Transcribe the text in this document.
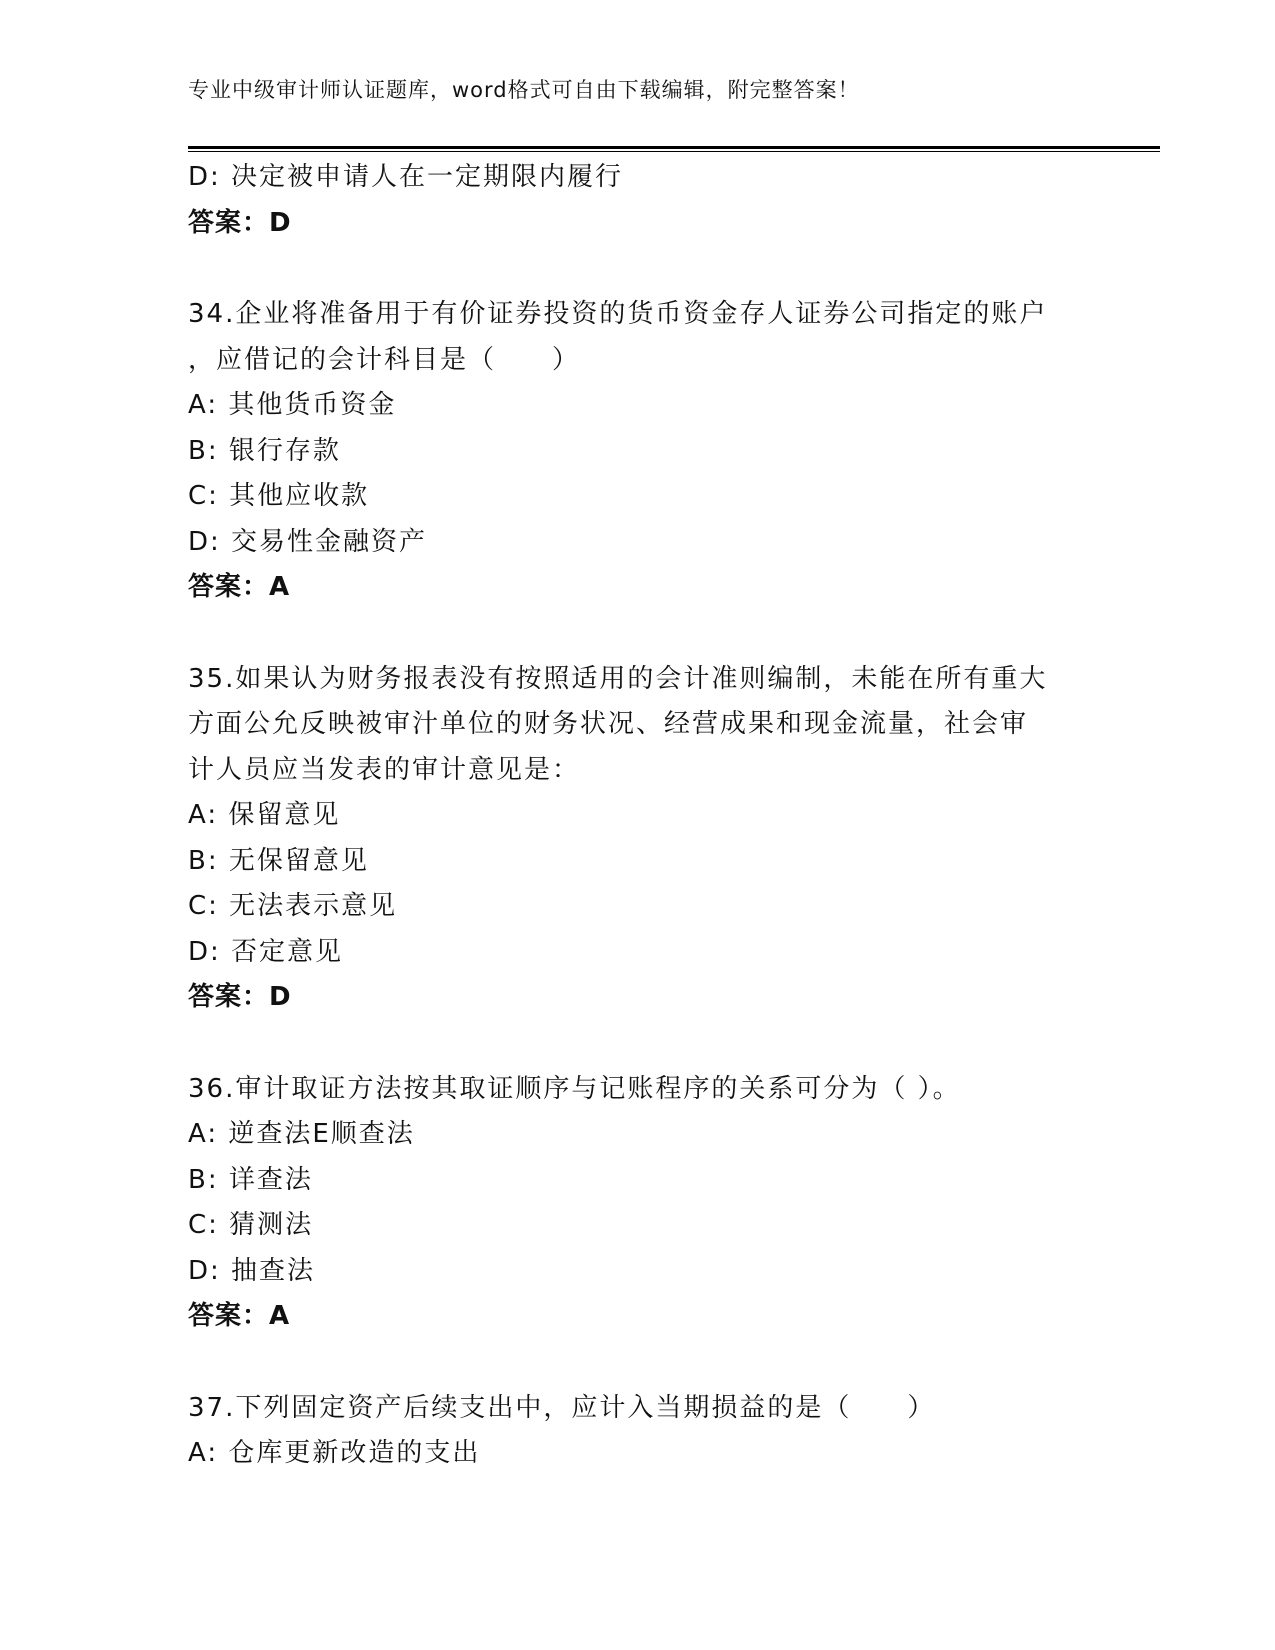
专业中级审计师认证题库，word格式可自由下载编辑，附完整答案！
D: 决定被申请人在一定期限内履行
答案：D
34.企业将准备用于有价证券投资的货币资金存人证券公司指定的账户
，应借记的会计科目是（　　）
A: 其他货币资金
B: 银行存款
C: 其他应收款
D: 交易性金融资产
答案：A
35.如果认为财务报表没有按照适用的会计准则编制，未能在所有重大
方面公允反映被审汁单位的财务状况、经营成果和现金流量，社会审
计人员应当发表的审计意见是：
A: 保留意见
B: 无保留意见
C: 无法表示意见
D: 否定意见
答案：D
36.审计取证方法按其取证顺序与记账程序的关系可分为（ ）。
A: 逆查法E顺查法
B: 详查法
C: 猜测法
D: 抽查法
答案：A
37.下列固定资产后续支出中，应计入当期损益的是（　　）
A: 仓库更新改造的支出
